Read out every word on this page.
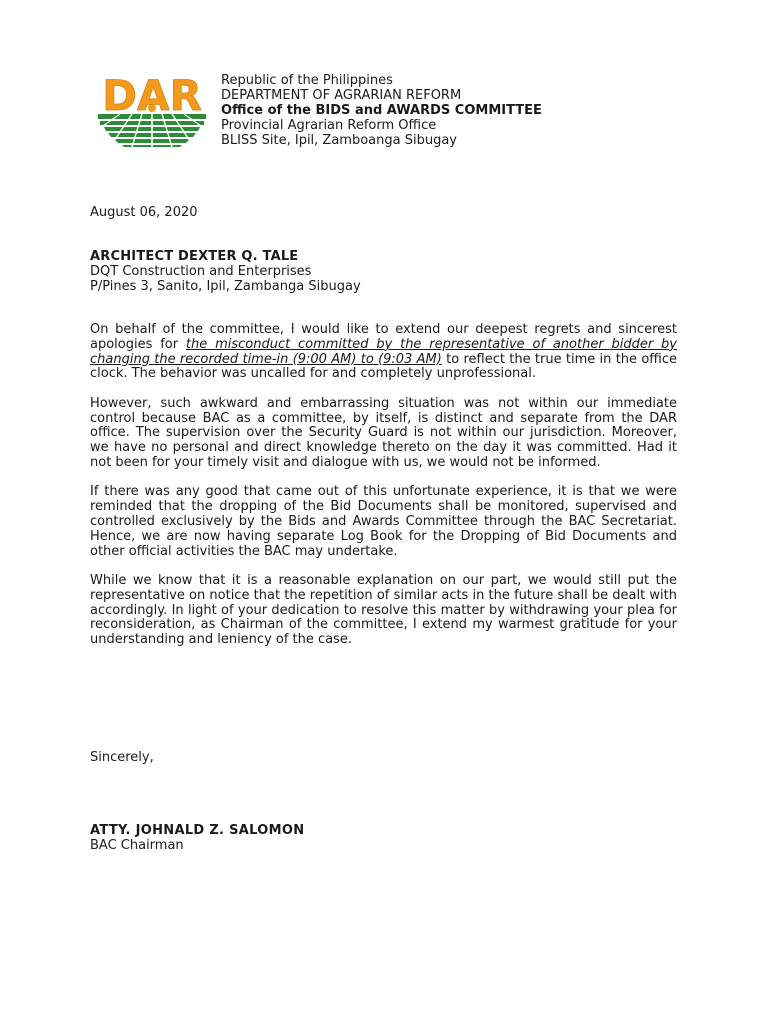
DAR Republic of the Philippines
DEPARTMENT OF AGRARIAN REFORM
Office of the BIDS and AWARDS COMMITTEE
Provincial Agrarian Reform Office
BLISS Site, Ipil, Zamboanga Sibugay
August 06, 2020
ARCHITECT DEXTER Q. TALE
DQT Construction and Enterprises
P/Pines 3, Sanito, Ipil, Zambanga Sibugay

On behalf of the committee, I would like to extend our deepest regrets and sincerest apologies for the misconduct committed by the representative of another bidder by changing the recorded time-in (9:00 AM) to (9:03 AM) to reflect the true time in the office clock. The behavior was uncalled for and completely unprofessional.

However, such awkward and embarrassing situation was not within our immediate control because BAC as a committee, by itself, is distinct and separate from the DAR office. The supervision over the Security Guard is not within our jurisdiction. Moreover, we have no personal and direct knowledge thereto on the day it was committed. Had it not been for your timely visit and dialogue with us, we would not be informed.

If there was any good that came out of this unfortunate experience, it is that we were reminded that the dropping of the Bid Documents shall be monitored, supervised and controlled exclusively by the Bids and Awards Committee through the BAC Secretariat. Hence, we are now having separate Log Book for the Dropping of Bid Documents and other official activities the BAC may undertake.

While we know that it is a reasonable explanation on our part, we would still put the representative on notice that the repetition of similar acts in the future shall be dealt with accordingly. In light of your dedication to resolve this matter by withdrawing your plea for reconsideration, as Chairman of the committee, I extend my warmest gratitude for your understanding and leniency of the case.

Sincerely,
ATTY. JOHNALD Z. SALOMON
BAC Chairman
